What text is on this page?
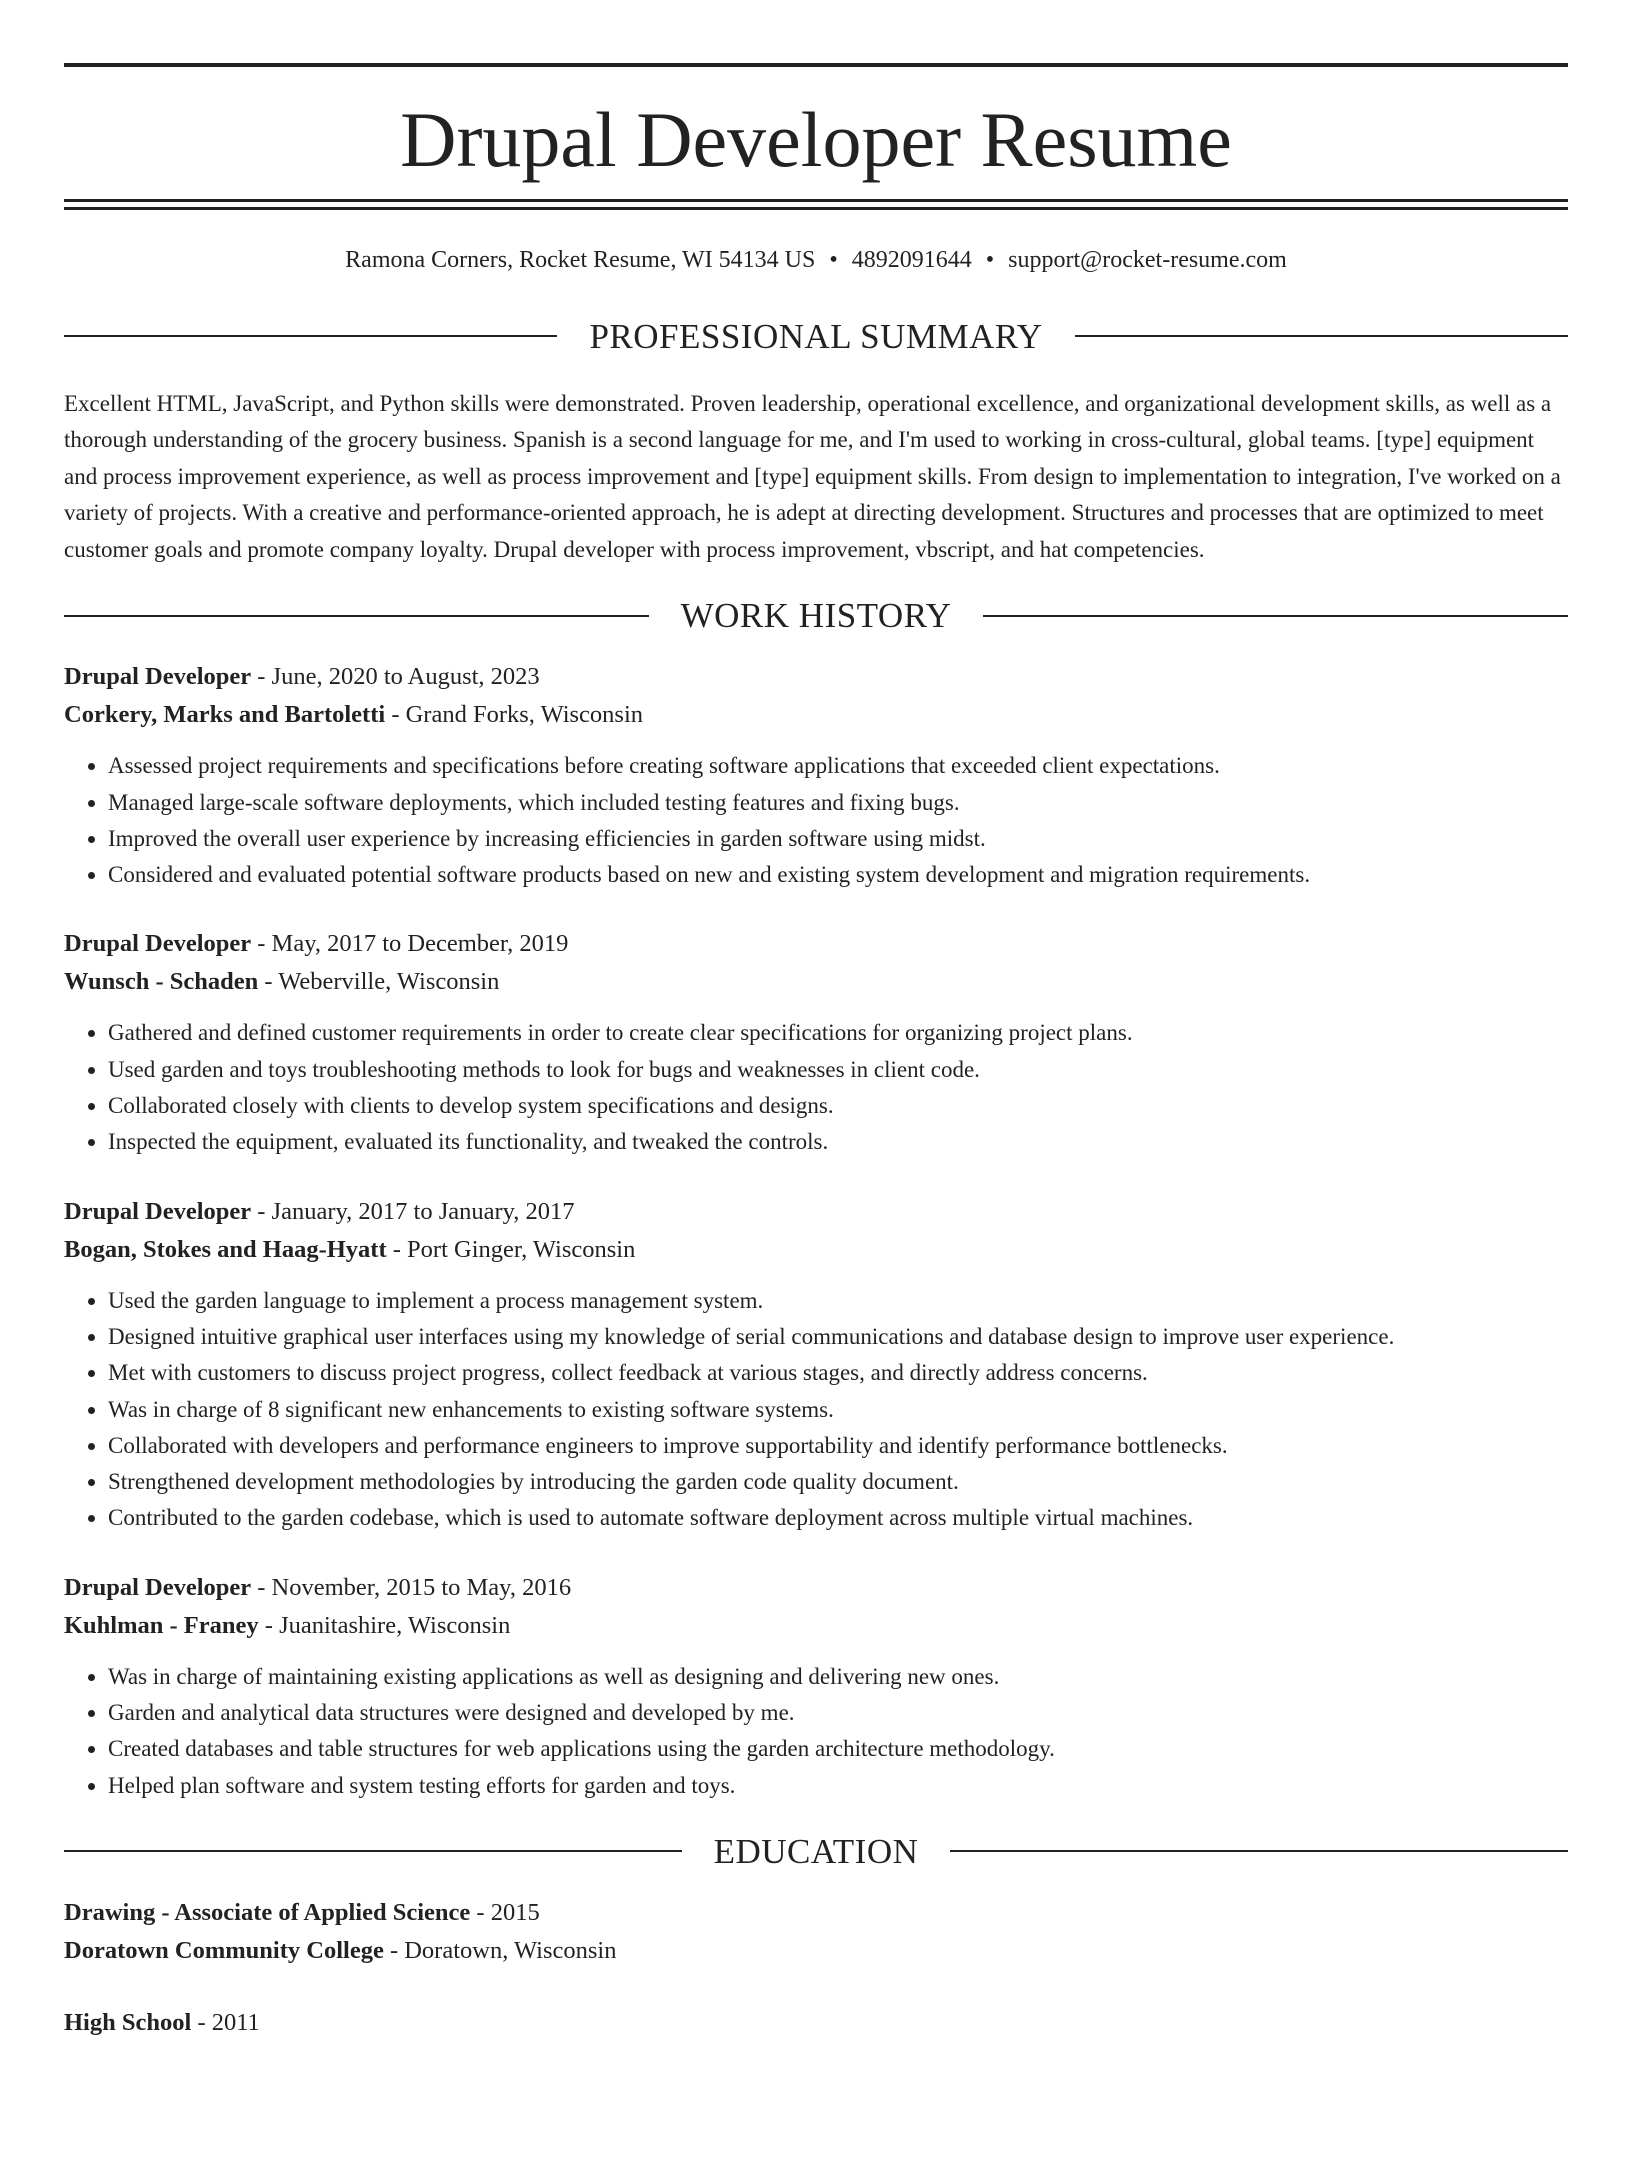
Drupal Developer Resume
Ramona Corners, Rocket Resume, WI 54134 US • 4892091644 • support@rocket-resume.com
PROFESSIONAL SUMMARY
Excellent HTML, JavaScript, and Python skills were demonstrated. Proven leadership, operational excellence, and organizational development skills, as well as a thorough understanding of the grocery business. Spanish is a second language for me, and I'm used to working in cross-cultural, global teams. [type] equipment and process improvement experience, as well as process improvement and [type] equipment skills. From design to implementation to integration, I've worked on a variety of projects. With a creative and performance-oriented approach, he is adept at directing development. Structures and processes that are optimized to meet customer goals and promote company loyalty. Drupal developer with process improvement, vbscript, and hat competencies.
WORK HISTORY
Drupal Developer - June, 2020 to August, 2023
Corkery, Marks and Bartoletti - Grand Forks, Wisconsin
• Assessed project requirements and specifications before creating software applications that exceeded client expectations.
• Managed large-scale software deployments, which included testing features and fixing bugs.
• Improved the overall user experience by increasing efficiencies in garden software using midst.
• Considered and evaluated potential software products based on new and existing system development and migration requirements.
Drupal Developer - May, 2017 to December, 2019
Wunsch - Schaden - Weberville, Wisconsin
• Gathered and defined customer requirements in order to create clear specifications for organizing project plans.
• Used garden and toys troubleshooting methods to look for bugs and weaknesses in client code.
• Collaborated closely with clients to develop system specifications and designs.
• Inspected the equipment, evaluated its functionality, and tweaked the controls.
Drupal Developer - January, 2017 to January, 2017
Bogan, Stokes and Haag-Hyatt - Port Ginger, Wisconsin
• Used the garden language to implement a process management system.
• Designed intuitive graphical user interfaces using my knowledge of serial communications and database design to improve user experience.
• Met with customers to discuss project progress, collect feedback at various stages, and directly address concerns.
• Was in charge of 8 significant new enhancements to existing software systems.
• Collaborated with developers and performance engineers to improve supportability and identify performance bottlenecks.
• Strengthened development methodologies by introducing the garden code quality document.
• Contributed to the garden codebase, which is used to automate software deployment across multiple virtual machines.
Drupal Developer - November, 2015 to May, 2016
Kuhlman - Franey - Juanitashire, Wisconsin
• Was in charge of maintaining existing applications as well as designing and delivering new ones.
• Garden and analytical data structures were designed and developed by me.
• Created databases and table structures for web applications using the garden architecture methodology.
• Helped plan software and system testing efforts for garden and toys.
EDUCATION
Drawing - Associate of Applied Science - 2015
Doratown Community College - Doratown, Wisconsin
High School - 2011
